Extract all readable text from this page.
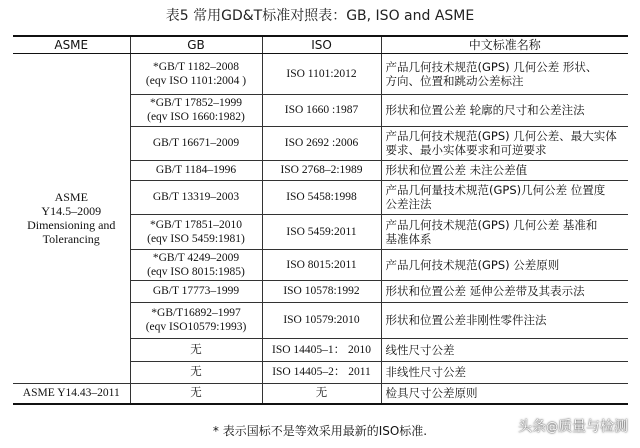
表5 常用GD&T标准对照表：GB, ISO and ASME
ASME	GB	ISO	中文标准名称
ASME
Y14.5–2009
Dimensioning and
Tolerancing	*GB/T 1182–2008
(eqv ISO 1101:2004 )	ISO 1101:2012	产品几何技术规范(GPS) 几何公差 形状、
方向、位置和跳动公差标注
	*GB/T 17852–1999
(eqv ISO 1660:1982)	ISO 1660 :1987	形状和位置公差 轮廓的尺寸和公差注法
	GB/T 16671–2009	ISO 2692 :2006	产品几何技术规范(GPS) 几何公差、最大实体
要求、最小实体要求和可逆要求
	GB/T 1184–1996	ISO 2768–2:1989	形状和位置公差 未注公差值
	GB/T 13319–2003	ISO 5458:1998	产品几何量技术规范(GPS)几何公差 位置度
公差注法
	*GB/T 17851–2010
(eqv ISO 5459:1981)	ISO 5459:2011	产品几何技术规范(GPS) 几何公差 基准和
基准体系
	*GB/T 4249–2009
(eqv ISO 8015:1985)	ISO 8015:2011	产品几何技术规范(GPS) 公差原则
	GB/T 17773–1999	ISO 10578:1992	形状和位置公差 延伸公差带及其表示法
	*GB/T16892–1997
(eqv ISO10579:1993)	ISO 10579:2010	形状和位置公差非刚性零件注法
	无	ISO 14405–1： 2010	线性尺寸公差
	无	ISO 14405–2： 2011	非线性尺寸公差
ASME Y14.43–2011	无	无	检具尺寸公差原则
* 表示国标不是等效采用最新的ISO标准.	头条@质量与检测
